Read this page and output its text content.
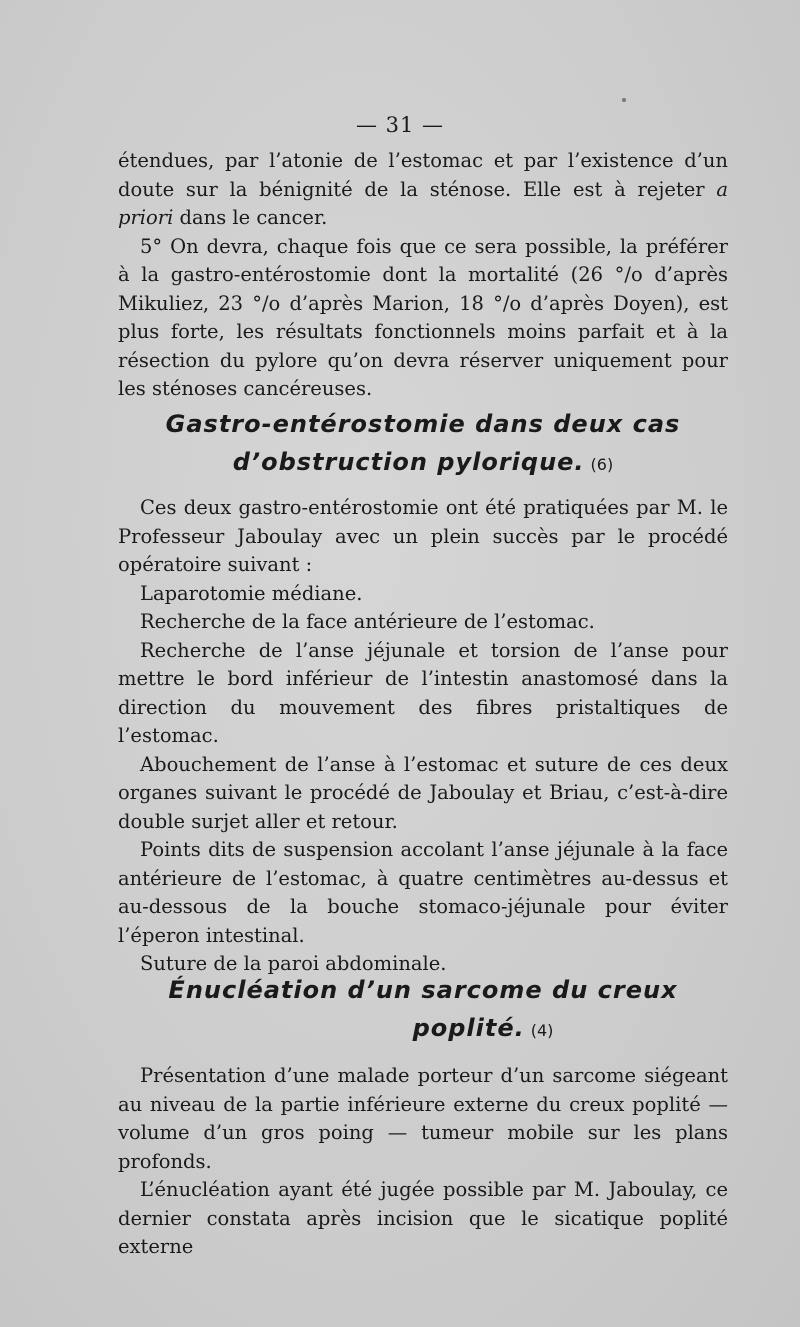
— 31 —

étendues, par l’atonie de l’estomac et par l’existence d’un doute sur la bénignité de la sténose. Elle est à rejeter a priori dans le cancer.

5° On devra, chaque fois que ce sera possible, la préférer à la gastro-entérostomie dont la mortalité (26 °/o d’après Mikuliez, 23 °/o d’après Marion, 18 °/o d’après Doyen), est plus forte, les résultats fonctionnels moins parfait et à la résection du pylore qu’on devra réserver uniquement pour les sténoses cancéreuses.

Gastro-entérostomie dans deux cas
d’obstruction pylorique. (6)

Ces deux gastro-entérostomie ont été pratiquées par M. le Professeur Jaboulay avec un plein succès par le procédé opératoire suivant :

Laparotomie médiane.

Recherche de la face antérieure de l’estomac.

Recherche de l’anse jéjunale et torsion de l’anse pour mettre le bord inférieur de l’intestin anastomosé dans la direction du mouvement des fibres pristaltiques de l’estomac.

Abouchement de l’anse à l’estomac et suture de ces deux organes suivant le procédé de Jaboulay et Briau, c’est-à-dire double surjet aller et retour.

Points dits de suspension accolant l’anse jéjunale à la face antérieure de l’estomac, à quatre centimètres au-dessus et au-dessous de la bouche stomaco-jéjunale pour éviter l’éperon intestinal.

Suture de la paroi abdominale.

Énucléation d’un sarcome du creux
poplité. (4)

Présentation d’une malade porteur d’un sarcome siégeant au niveau de la partie inférieure externe du creux poplité — volume d’un gros poing — tumeur mobile sur les plans profonds.

L’énucléation ayant été jugée possible par M. Jaboulay, ce dernier constata après incision que le sicatique poplité externe
